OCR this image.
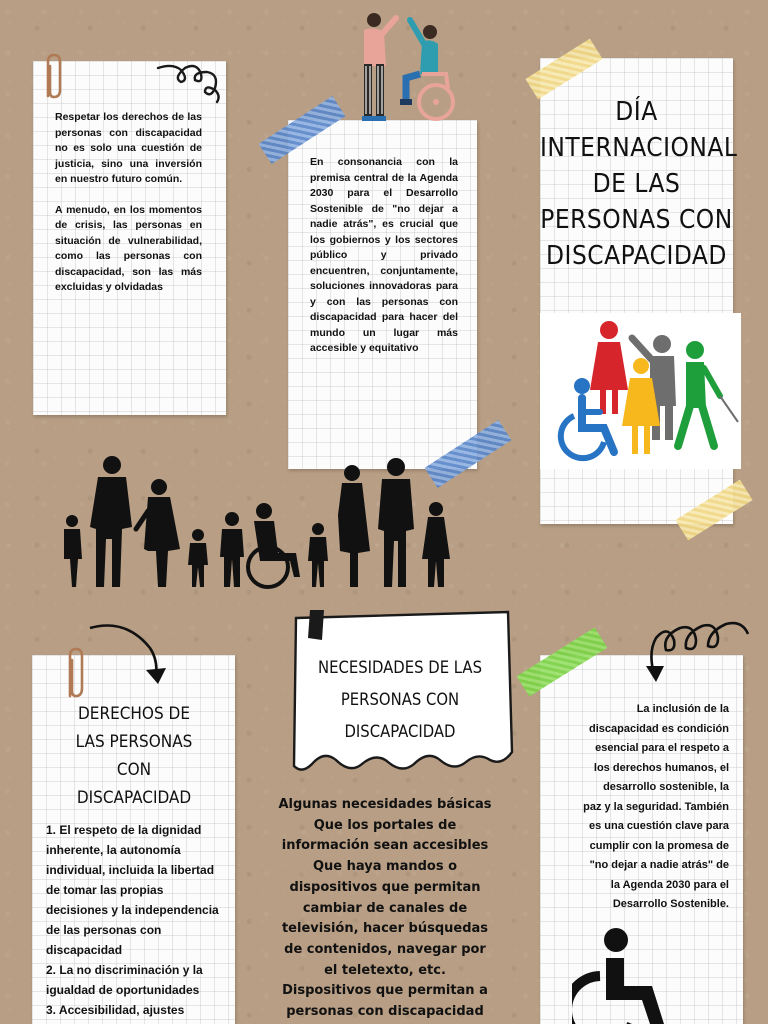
Respetar los derechos de las personas con discapacidad no es solo una cuestión de justicia, sino una inversión en nuestro futuro común.

A menudo, en los momentos de crisis, las personas en situación de vulnerabilidad, como las personas con discapacidad, son las más excluidas y olvidadas

En consonancia con la premisa central de la Agenda 2030 para el Desarrollo Sostenible de "no dejar a nadie atrás", es crucial que los gobiernos y los sectores público y privado encuentren, conjuntamente, soluciones innovadoras para y con las personas con discapacidad para hacer del mundo un lugar más accesible y equitativo
DÍA
INTERNACIONAL
DE LAS
PERSONAS CON
DISCAPACIDAD
DERECHOS DE
LAS PERSONAS
CON
DISCAPACIDAD
1. El respeto de la dignidad
inherente, la autonomía
individual, incluida la libertad
de tomar las propias
decisiones y la independencia
de las personas con
discapacidad
2. La no discriminación y la
igualdad de oportunidades
3. Accesibilidad, ajustes
NECESIDADES DE LAS
PERSONAS CON
DISCAPACIDAD
Algunas necesidades básicas
Que los portales de
información sean accesibles
Que haya mandos o
dispositivos que permitan
cambiar de canales de
televisión, hacer búsquedas
de contenidos, navegar por
el teletexto, etc.
Dispositivos que permitan a
personas con discapacidad
La inclusión de la
discapacidad es condición
esencial para el respeto a
los derechos humanos, el
desarrollo sostenible, la
paz y la seguridad. También
es una cuestión clave para
cumplir con la promesa de
"no dejar a nadie atrás" de
la Agenda 2030 para el
Desarrollo Sostenible.
